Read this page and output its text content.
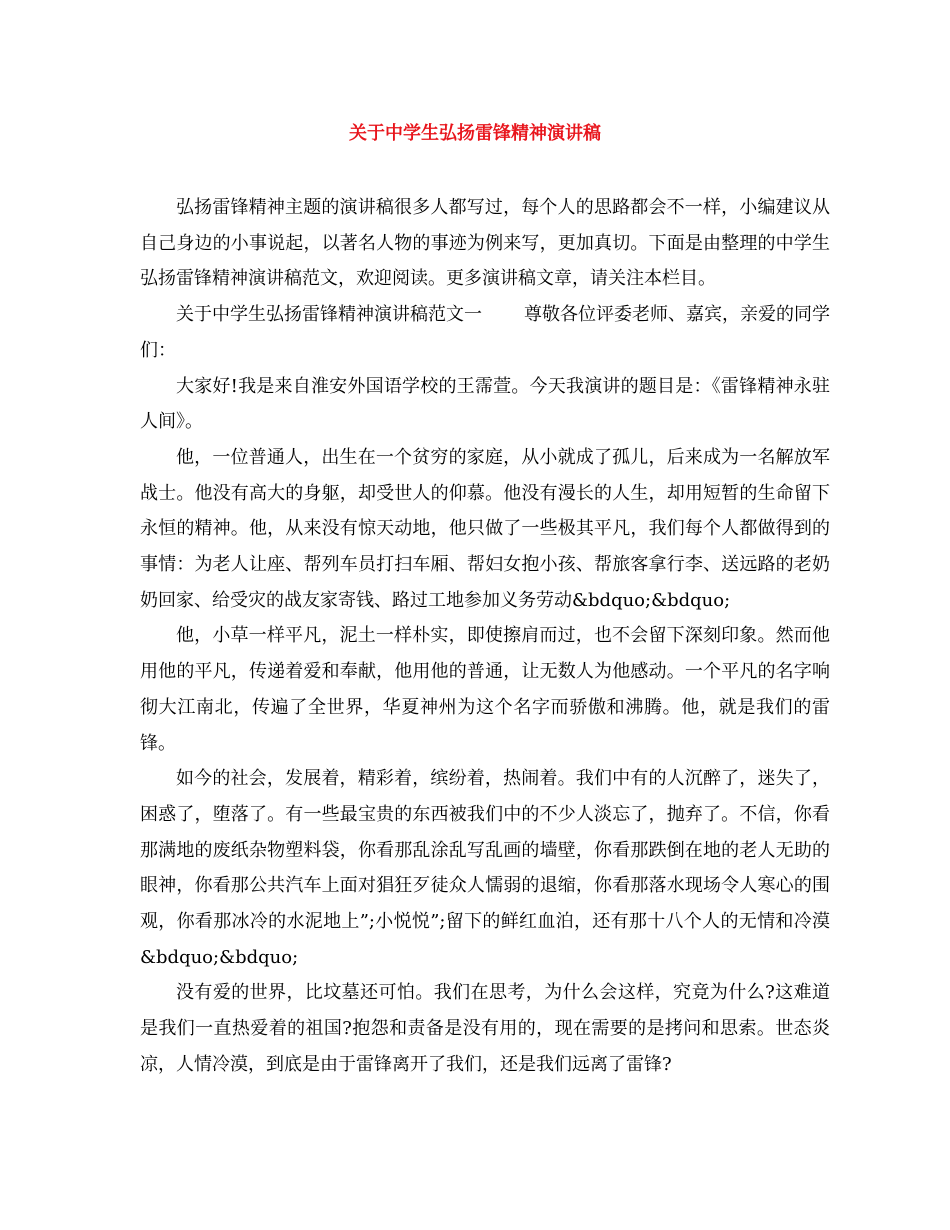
关于中学生弘扬雷锋精神演讲稿

弘扬雷锋精神主题的演讲稿很多人都写过，每个人的思路都会不一样，小编建议从自己身边的小事说起，以著名人物的事迹为例来写，更加真切。下面是由整理的中学生弘扬雷锋精神演讲稿范文，欢迎阅读。更多演讲稿文章，请关注本栏目。

关于中学生弘扬雷锋精神演讲稿范文一 尊敬各位评委老师、嘉宾，亲爱的同学们：

大家好!我是来自淮安外国语学校的王霈萱。今天我演讲的题目是：《雷锋精神永驻人间》。

他，一位普通人，出生在一个贫穷的家庭，从小就成了孤儿，后来成为一名解放军战士。他没有高大的身躯，却受世人的仰慕。他没有漫长的人生，却用短暂的生命留下永恒的精神。他，从来没有惊天动地，他只做了一些极其平凡，我们每个人都做得到的事情：为老人让座、帮列车员打扫车厢、帮妇女抱小孩、帮旅客拿行李、送远路的老奶奶回家、给受灾的战友家寄钱、路过工地参加义务劳动&bdquo;&bdquo;

他，小草一样平凡，泥土一样朴实，即使擦肩而过，也不会留下深刻印象。然而他用他的平凡，传递着爱和奉献，他用他的普通，让无数人为他感动。一个平凡的名字响彻大江南北，传遍了全世界，华夏神州为这个名字而骄傲和沸腾。他，就是我们的雷锋。

如今的社会，发展着，精彩着，缤纷着，热闹着。我们中有的人沉醉了，迷失了，困惑了，堕落了。有一些最宝贵的东西被我们中的不少人淡忘了，抛弃了。不信，你看那满地的废纸杂物塑料袋，你看那乱涂乱写乱画的墙壁，你看那跌倒在地的老人无助的眼神，你看那公共汽车上面对猖狂歹徒众人懦弱的退缩，你看那落水现场令人寒心的围观，你看那冰冷的水泥地上”;小悦悦”;留下的鲜红血泊，还有那十八个人的无情和冷漠&bdquo;&bdquo;

没有爱的世界，比坟墓还可怕。我们在思考，为什么会这样，究竟为什么?这难道是我们一直热爱着的祖国?抱怨和责备是没有用的，现在需要的是拷问和思索。世态炎凉，人情冷漠，到底是由于雷锋离开了我们，还是我们远离了雷锋?
